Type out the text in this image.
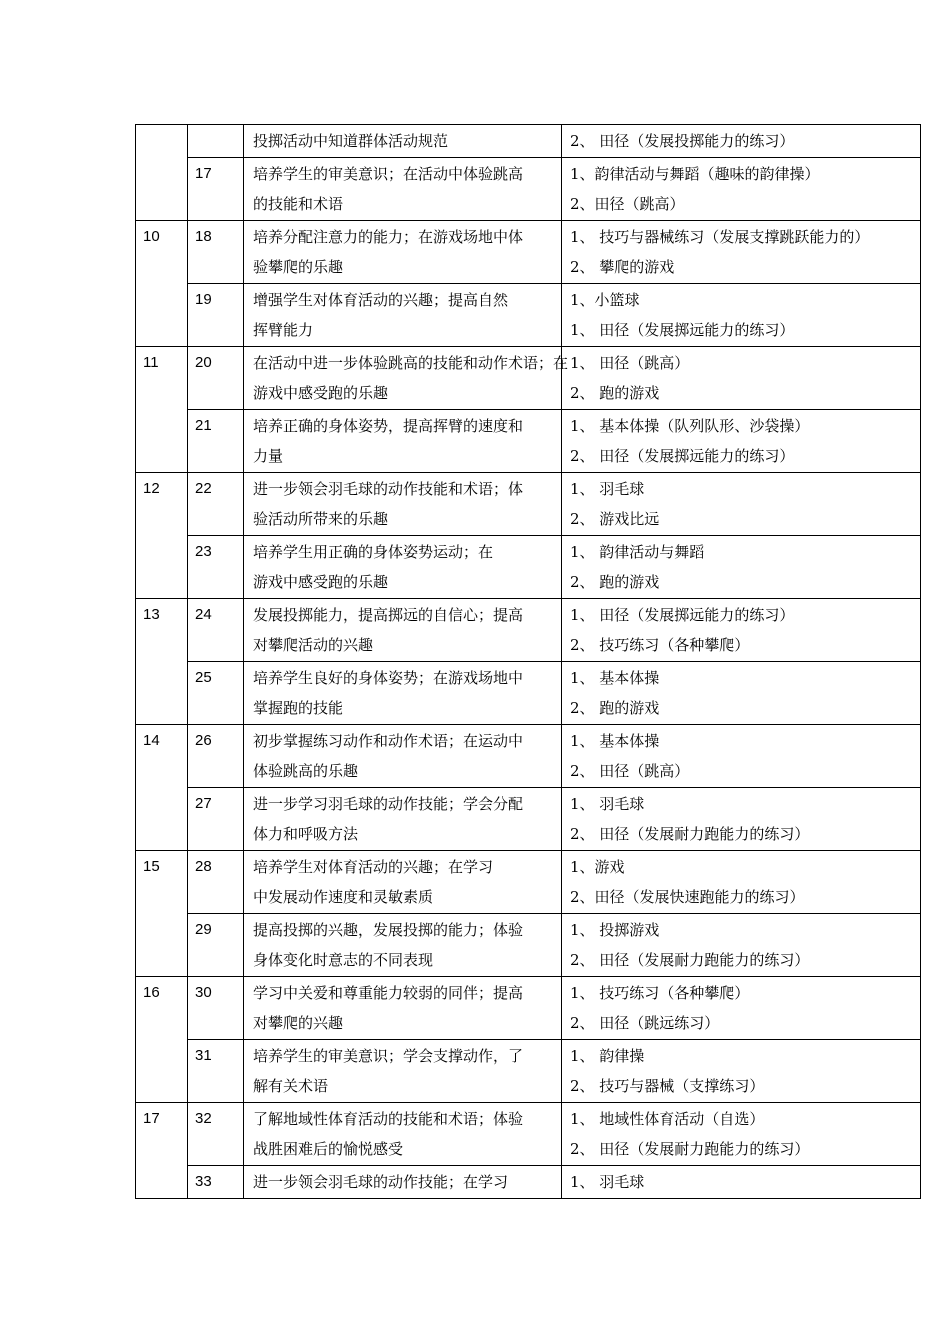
		投掷活动中知道群体活动规范	2、 田径（发展投掷能力的练习）

	17	培养学生的审美意识；在活动中体验跳高
的技能和术语	1、韵律活动与舞蹈（趣味的韵律操）
2、田径（跳高）

10	18	培养分配注意力的能力；在游戏场地中体
验攀爬的乐趣	1、 技巧与器械练习（发展支撑跳跃能力的）
2、 攀爬的游戏

	19	增强学生对体育活动的兴趣；提高自然
挥臂能力	1、小篮球
1、 田径（发展掷远能力的练习）

11	20	在活动中进一步体验跳高的技能和动作术语；在
游戏中感受跑的乐趣	1、 田径（跳高）
2、 跑的游戏

	21	培养正确的身体姿势，提高挥臂的速度和
力量	1、 基本体操（队列队形、沙袋操）
2、 田径（发展掷远能力的练习）

12	22	进一步领会羽毛球的动作技能和术语；体
验活动所带来的乐趣	1、 羽毛球
2、 游戏比远

	23	培养学生用正确的身体姿势运动；在
游戏中感受跑的乐趣	1、 韵律活动与舞蹈
2、 跑的游戏

13	24	发展投掷能力，提高掷远的自信心；提高
对攀爬活动的兴趣	1、 田径（发展掷远能力的练习）
2、 技巧练习（各种攀爬）

	25	培养学生良好的身体姿势；在游戏场地中
掌握跑的技能	1、 基本体操
2、 跑的游戏

14	26	初步掌握练习动作和动作术语；在运动中
体验跳高的乐趣	1、 基本体操
2、 田径（跳高）

	27	进一步学习羽毛球的动作技能；学会分配
体力和呼吸方法	1、 羽毛球
2、 田径（发展耐力跑能力的练习）

15	28	培养学生对体育活动的兴趣；在学习
中发展动作速度和灵敏素质	1、游戏
2、田径（发展快速跑能力的练习）

	29	提高投掷的兴趣，发展投掷的能力；体验
身体变化时意志的不同表现	1、 投掷游戏
2、 田径（发展耐力跑能力的练习）

16	30	学习中关爱和尊重能力较弱的同伴；提高
对攀爬的兴趣	1、 技巧练习（各种攀爬）
2、 田径（跳远练习）

	31	培养学生的审美意识；学会支撑动作，了
解有关术语	1、 韵律操
2、 技巧与器械（支撑练习）

17	32	了解地域性体育活动的技能和术语；体验
战胜困难后的愉悦感受	1、 地域性体育活动（自选）
2、 田径（发展耐力跑能力的练习）

	33	进一步领会羽毛球的动作技能；在学习	1、 羽毛球
